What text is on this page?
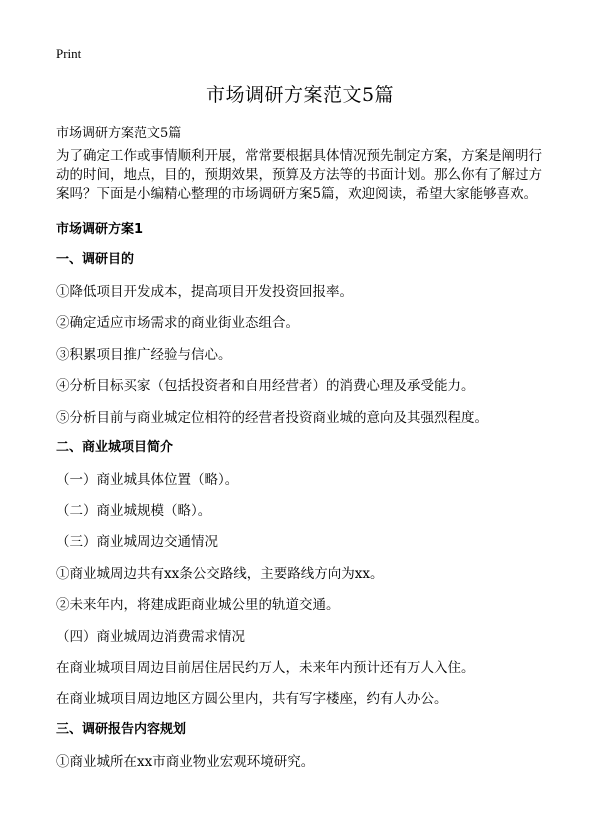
Print
市场调研方案范文5篇
市场调研方案范文5篇
为了确定工作或事情顺利开展，常常要根据具体情况预先制定方案，方案是阐明行动的时间，地点，目的，预期效果，预算及方法等的书面计划。那么你有了解过方案吗？下面是小编精心整理的市场调研方案5篇，欢迎阅读，希望大家能够喜欢。
市场调研方案1
一、调研目的
①降低项目开发成本，提高项目开发投资回报率。
②确定适应市场需求的商业街业态组合。
③积累项目推广经验与信心。
④分析目标买家（包括投资者和自用经营者）的消费心理及承受能力。
⑤分析目前与商业城定位相符的经营者投资商业城的意向及其强烈程度。
二、商业城项目简介
（一）商业城具体位置（略）。
（二）商业城规模（略）。
（三）商业城周边交通情况
①商业城周边共有xx条公交路线，主要路线方向为xx。
②未来年内，将建成距商业城公里的轨道交通。
（四）商业城周边消费需求情况
在商业城项目周边目前居住居民约万人，未来年内预计还有万人入住。
在商业城项目周边地区方圆公里内，共有写字楼座，约有人办公。
三、调研报告内容规划
①商业城所在xx市商业物业宏观环境研究。
